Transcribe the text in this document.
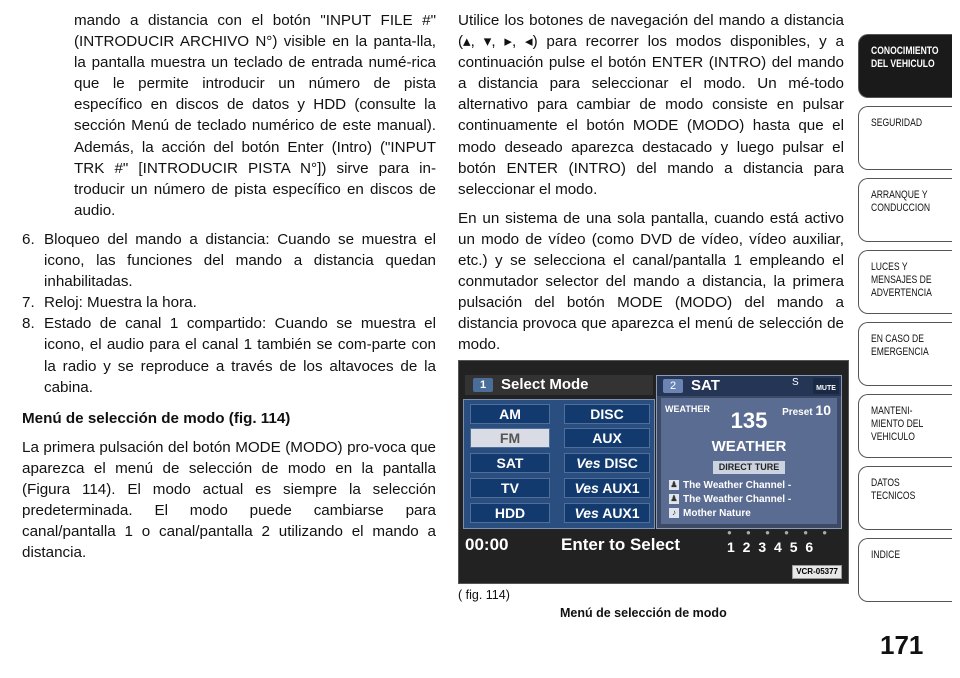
mando a distancia con el botón "INPUT FILE #" (INTRODUCIR ARCHIVO N°) visible en la panta-lla, la pantalla muestra un teclado de entrada numé-rica que le permite introducir un número de pista específico en discos de datos y HDD (consulte la sección Menú de teclado numérico de este manual). Además, la acción del botón Enter (Intro) ("INPUT TRK #" [INTRODUCIR PISTA N°]) sirve para in-troducir un número de pista específico en discos de audio.

6. Bloqueo del mando a distancia: Cuando se muestra el icono, las funciones del mando a distancia quedan inhabilitadas.
7. Reloj: Muestra la hora.
8. Estado de canal 1 compartido: Cuando se muestra el icono, el audio para el canal 1 también se com-parte con la radio y se reproduce a través de los altavoces de la cabina.
Menú de selección de modo (fig. 114)

La primera pulsación del botón MODE (MODO) pro-voca que aparezca el menú de selección de modo en la pantalla (Figura 114). El modo actual es siempre la selección predeterminada. El modo puede cambiarse para canal/pantalla 1 o canal/pantalla 2 utilizando el mando a distancia.

Utilice los botones de navegación del mando a distancia (▴, ▾, ▸, ◂) para recorrer los modos disponibles, y a continuación pulse el botón ENTER (INTRO) del mando a distancia para seleccionar el modo. Un mé-todo alternativo para cambiar de modo consiste en pulsar continuamente el botón MODE (MODO) hasta que el modo deseado aparezca destacado y luego pulsar el botón ENTER (INTRO) del mando a distancia para seleccionar el modo.

En un sistema de una sola pantalla, cuando está activo un modo de vídeo (como DVD de vídeo, vídeo auxiliar, etc.) y se selecciona el canal/pantalla 1 empleando el conmutador selector del mando a distancia, la primera pulsación del botón MODE (MODO) del mando a distancia provoca que aparezca el menú de selección de modo.

1 Select Mode
AM	DISC
FM	AUX
SAT	Ves DISC
TV	Ves AUX1
HDD	Ves AUX1
2 SAT	S
MUTE
WEATHER	Preset 10
135
WEATHER
DIRECT TURE
♟ The Weather Channel -
♟ The Weather Channel -
♪ Mother Nature
00:00	Enter to Select
● ● ● ● ● ●
1 2 3 4 5 6
VCR-05377
( fig. 114)
Menú de selección de modo
CONOCIMIENTO
DEL VEHICULO
SEGURIDAD
ARRANQUE Y
CONDUCCION
LUCES Y
MENSAJES DE
ADVERTENCIA
EN CASO DE
EMERGENCIA
MANTENI-
MIENTO DEL
VEHICULO
DATOS
TECNICOS
INDICE
171
